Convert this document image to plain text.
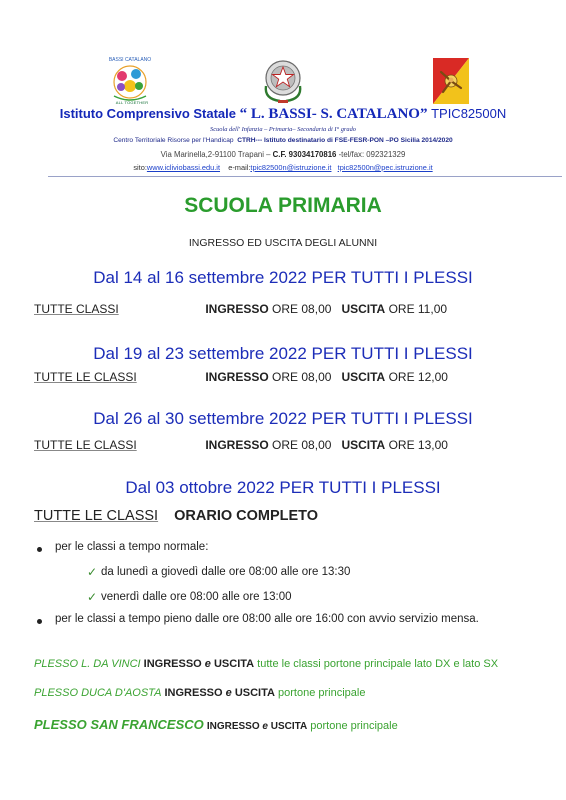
BASSI CATALANO
ALL TOGETHER
Istituto Comprensivo Statale “ L. BASSI- S. CATALANO” TPIC82500N
Scuola dell' Infanzia – Primaria– Secondaria di I° grado
Centro Territoriale Risorse per l'Handicap CTRH--- Istituto destinatario di FSE-FESR-PON –PO Sicilia 2014/2020
Via Marinella,2-91100 Trapani – C.F. 93034170816 -tel/fax: 092321329
sito:www.icliviobassi.edu.it e-mail:tpic82500n@istruzione.it tpic82500n@pec.istruzione.it
SCUOLA PRIMARIA
INGRESSO ED USCITA DEGLI ALUNNI
Dal 14 al 16 settembre 2022 PER TUTTI I PLESSI
TUTTE CLASSI	INGRESSO ORE 08,00 USCITA ORE 11,00
Dal 19 al 23 settembre 2022 PER TUTTI I PLESSI
TUTTE LE CLASSI	INGRESSO ORE 08,00 USCITA ORE 12,00
Dal 26 al 30 settembre 2022 PER TUTTI I PLESSI
TUTTE LE CLASSI	INGRESSO ORE 08,00 USCITA ORE 13,00
Dal 03 ottobre 2022 PER TUTTI I PLESSI
TUTTE LE CLASSI ORARIO COMPLETO
per le classi a tempo normale:
✓ da lunedì a giovedì dalle ore 08:00 alle ore 13:30
✓ venerdì dalle ore 08:00 alle ore 13:00
per le classi a tempo pieno dalle ore 08:00 alle ore 16:00 con avvio servizio mensa.
PLESSO L. DA VINCI INGRESSO e USCITA tutte le classi portone principale lato DX e lato SX
PLESSO DUCA D'AOSTA INGRESSO e USCITA portone principale
PLESSO SAN FRANCESCO INGRESSO e USCITA portone principale
